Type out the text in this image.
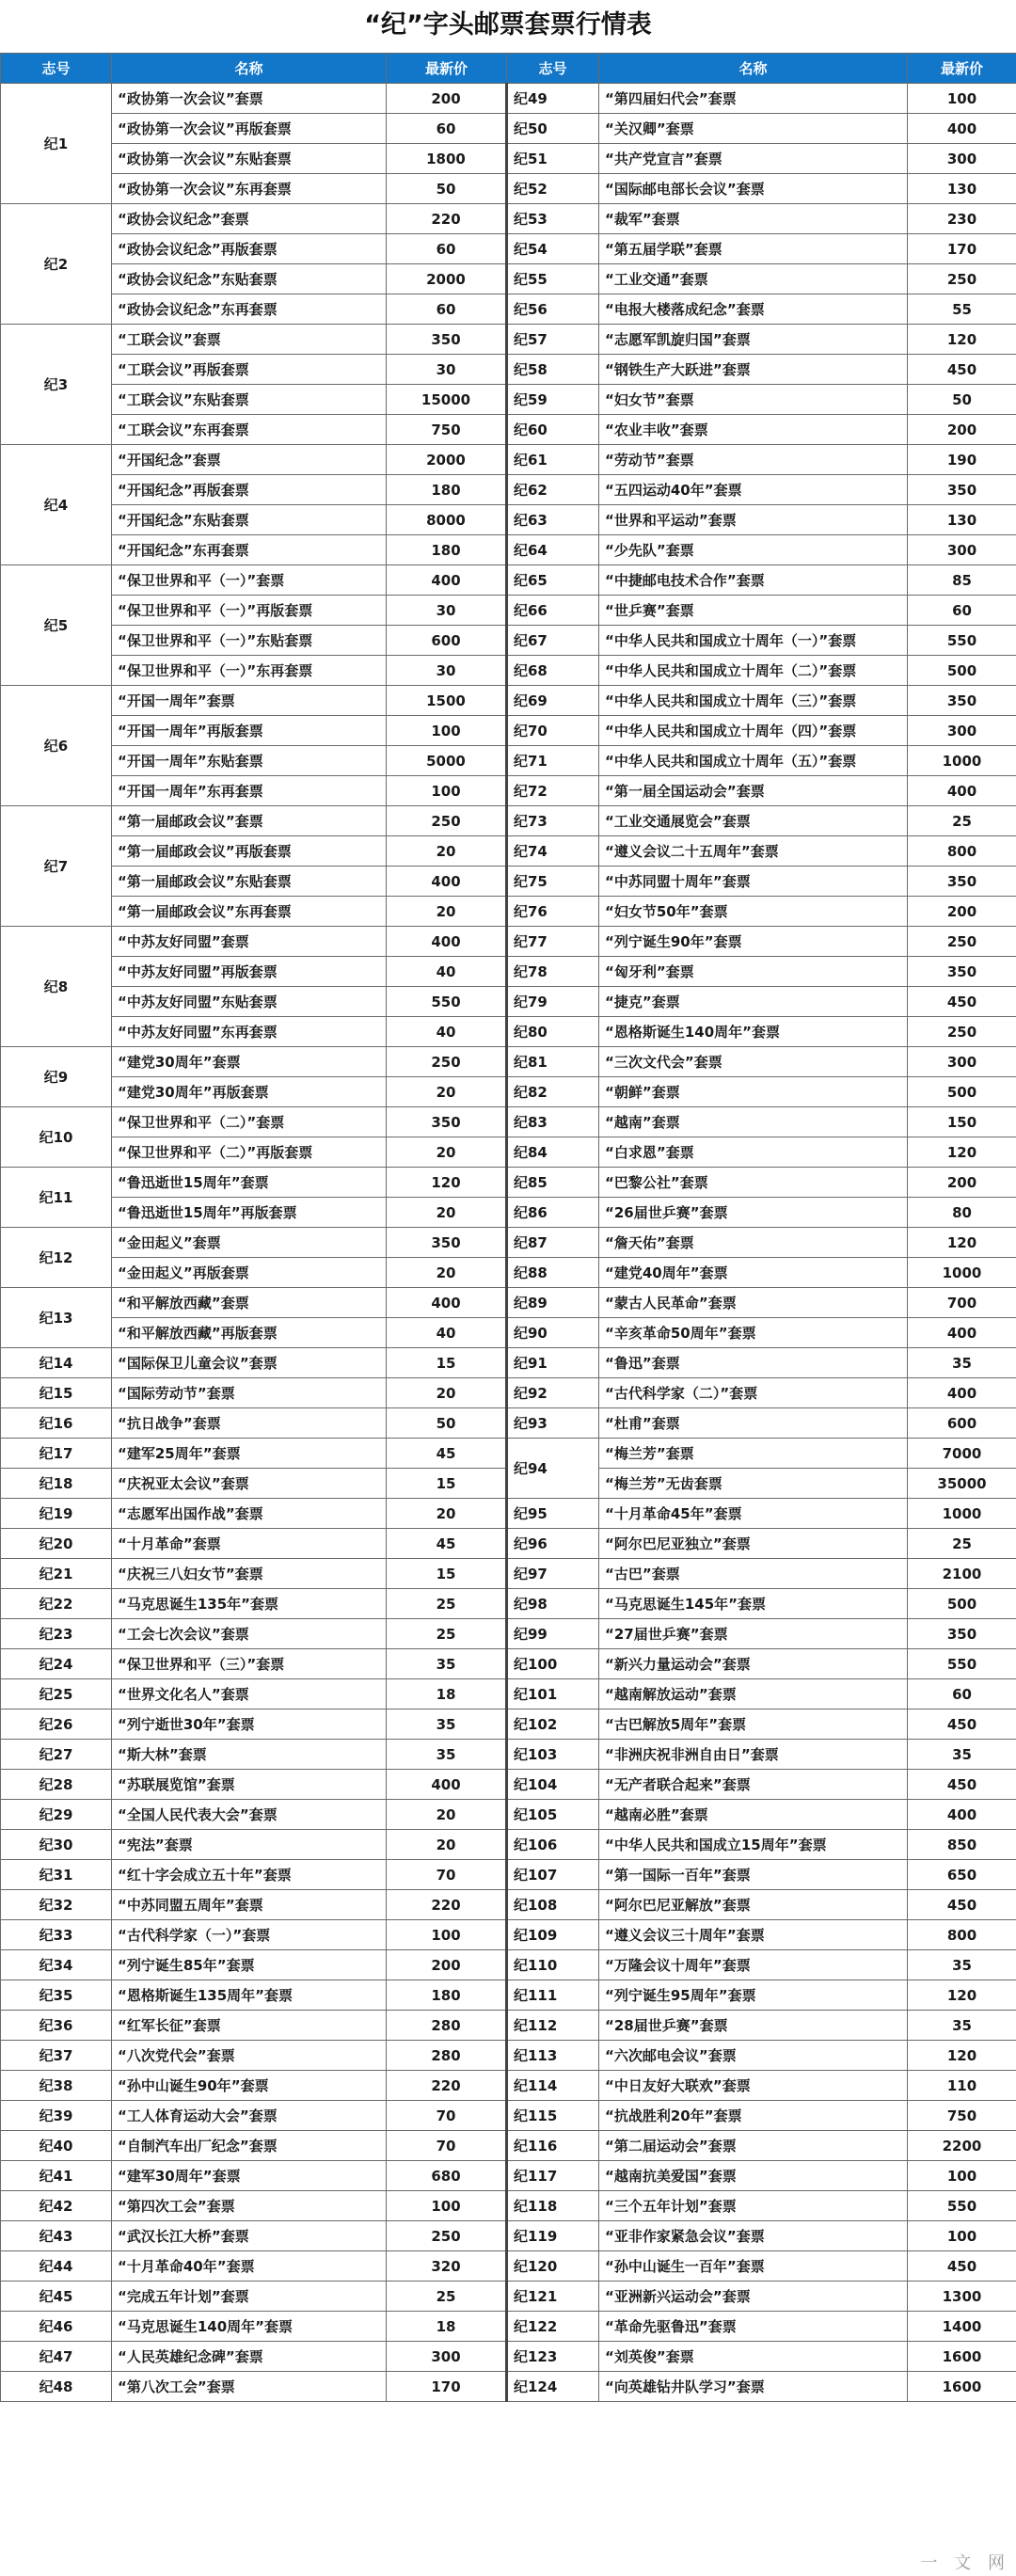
“纪”字头邮票套票行情表
志号	名称	最新价	志号	名称	最新价
纪1	“政协第一次会议”套票	200	纪49	“第四届妇代会”套票	100
	“政协第一次会议”再版套票	60	纪50	“关汉卿”套票	400
	“政协第一次会议”东贴套票	1800	纪51	“共产党宣言”套票	300
	“政协第一次会议”东再套票	50	纪52	“国际邮电部长会议”套票	130
纪2	“政协会议纪念”套票	220	纪53	“裁军”套票	230
	“政协会议纪念”再版套票	60	纪54	“第五届学联”套票	170
	“政协会议纪念”东贴套票	2000	纪55	“工业交通”套票	250
	“政协会议纪念”东再套票	60	纪56	“电报大楼落成纪念”套票	55
纪3	“工联会议”套票	350	纪57	“志愿军凯旋归国”套票	120
	“工联会议”再版套票	30	纪58	“钢铁生产大跃进”套票	450
	“工联会议”东贴套票	15000	纪59	“妇女节”套票	50
	“工联会议”东再套票	750	纪60	“农业丰收”套票	200
纪4	“开国纪念”套票	2000	纪61	“劳动节”套票	190
	“开国纪念”再版套票	180	纪62	“五四运动40年”套票	350
	“开国纪念”东贴套票	8000	纪63	“世界和平运动”套票	130
	“开国纪念”东再套票	180	纪64	“少先队”套票	300
纪5	“保卫世界和平（一）”套票	400	纪65	“中捷邮电技术合作”套票	85
	“保卫世界和平（一）”再版套票	30	纪66	“世乒赛”套票	60
	“保卫世界和平（一）”东贴套票	600	纪67	“中华人民共和国成立十周年（一）”套票	550
	“保卫世界和平（一）”东再套票	30	纪68	“中华人民共和国成立十周年（二）”套票	500
纪6	“开国一周年”套票	1500	纪69	“中华人民共和国成立十周年（三）”套票	350
	“开国一周年”再版套票	100	纪70	“中华人民共和国成立十周年（四）”套票	300
	“开国一周年”东贴套票	5000	纪71	“中华人民共和国成立十周年（五）”套票	1000
	“开国一周年”东再套票	100	纪72	“第一届全国运动会”套票	400
纪7	“第一届邮政会议”套票	250	纪73	“工业交通展览会”套票	25
	“第一届邮政会议”再版套票	20	纪74	“遵义会议二十五周年”套票	800
	“第一届邮政会议”东贴套票	400	纪75	“中苏同盟十周年”套票	350
	“第一届邮政会议”东再套票	20	纪76	“妇女节50年”套票	200
纪8	“中苏友好同盟”套票	400	纪77	“列宁诞生90年”套票	250
	“中苏友好同盟”再版套票	40	纪78	“匈牙利”套票	350
	“中苏友好同盟”东贴套票	550	纪79	“捷克”套票	450
	“中苏友好同盟”东再套票	40	纪80	“恩格斯诞生140周年”套票	250
纪9	“建党30周年”套票	250	纪81	“三次文代会”套票	300
	“建党30周年”再版套票	20	纪82	“朝鲜”套票	500
纪10	“保卫世界和平（二）”套票	350	纪83	“越南”套票	150
	“保卫世界和平（二）”再版套票	20	纪84	“白求恩”套票	120
纪11	“鲁迅逝世15周年”套票	120	纪85	“巴黎公社”套票	200
	“鲁迅逝世15周年”再版套票	20	纪86	“26届世乒赛”套票	80
纪12	“金田起义”套票	350	纪87	“詹天佑”套票	120
	“金田起义”再版套票	20	纪88	“建党40周年”套票	1000
纪13	“和平解放西藏”套票	400	纪89	“蒙古人民革命”套票	700
	“和平解放西藏”再版套票	40	纪90	“辛亥革命50周年”套票	400
纪14	“国际保卫儿童会议”套票	15	纪91	“鲁迅”套票	35
纪15	“国际劳动节”套票	20	纪92	“古代科学家（二）”套票	400
纪16	“抗日战争”套票	50	纪93	“杜甫”套票	600
纪17	“建军25周年”套票	45	纪94	“梅兰芳”套票	7000
纪18	“庆祝亚太会议”套票	15		“梅兰芳”无齿套票	35000
纪19	“志愿军出国作战”套票	20	纪95	“十月革命45年”套票	1000
纪20	“十月革命”套票	45	纪96	“阿尔巴尼亚独立”套票	25
纪21	“庆祝三八妇女节”套票	15	纪97	“古巴”套票	2100
纪22	“马克思诞生135年”套票	25	纪98	“马克思诞生145年”套票	500
纪23	“工会七次会议”套票	25	纪99	“27届世乒赛”套票	350
纪24	“保卫世界和平（三）”套票	35	纪100	“新兴力量运动会”套票	550
纪25	“世界文化名人”套票	18	纪101	“越南解放运动”套票	60
纪26	“列宁逝世30年”套票	35	纪102	“古巴解放5周年”套票	450
纪27	“斯大林”套票	35	纪103	“非洲庆祝非洲自由日”套票	35
纪28	“苏联展览馆”套票	400	纪104	“无产者联合起来”套票	450
纪29	“全国人民代表大会”套票	20	纪105	“越南必胜”套票	400
纪30	“宪法”套票	20	纪106	“中华人民共和国成立15周年”套票	850
纪31	“红十字会成立五十年”套票	70	纪107	“第一国际一百年”套票	650
纪32	“中苏同盟五周年”套票	220	纪108	“阿尔巴尼亚解放”套票	450
纪33	“古代科学家（一）”套票	100	纪109	“遵义会议三十周年”套票	800
纪34	“列宁诞生85年”套票	200	纪110	“万隆会议十周年”套票	35
纪35	“恩格斯诞生135周年”套票	180	纪111	“列宁诞生95周年”套票	120
纪36	“红军长征”套票	280	纪112	“28届世乒赛”套票	35
纪37	“八次党代会”套票	280	纪113	“六次邮电会议”套票	120
纪38	“孙中山诞生90年”套票	220	纪114	“中日友好大联欢”套票	110
纪39	“工人体育运动大会”套票	70	纪115	“抗战胜利20年”套票	750
纪40	“自制汽车出厂纪念”套票	70	纪116	“第二届运动会”套票	2200
纪41	“建军30周年”套票	680	纪117	“越南抗美爱国”套票	100
纪42	“第四次工会”套票	100	纪118	“三个五年计划”套票	550
纪43	“武汉长江大桥”套票	250	纪119	“亚非作家紧急会议”套票	100
纪44	“十月革命40年”套票	320	纪120	“孙中山诞生一百年”套票	450
纪45	“完成五年计划”套票	25	纪121	“亚洲新兴运动会”套票	1300
纪46	“马克思诞生140周年”套票	18	纪122	“革命先驱鲁迅”套票	1400
纪47	“人民英雄纪念碑”套票	300	纪123	“刘英俊”套票	1600
纪48	“第八次工会”套票	170	纪124	“向英雄钻井队学习”套票	1600
一 文 网
